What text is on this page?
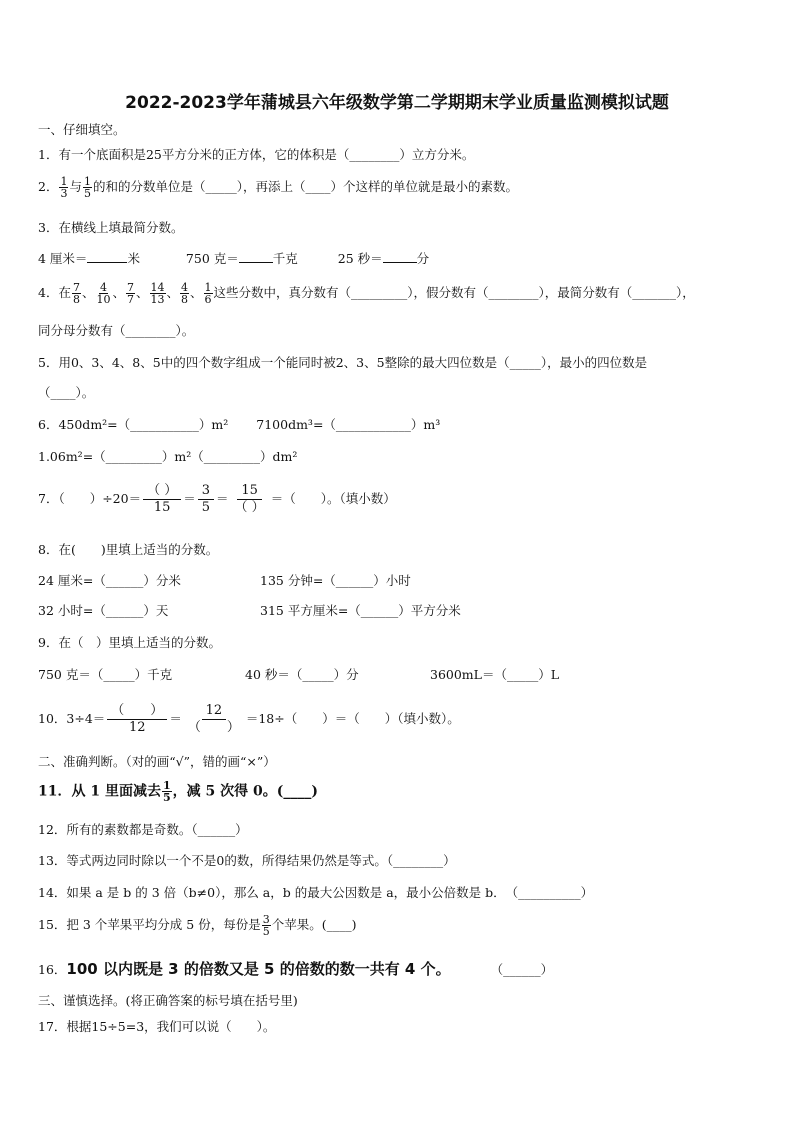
2022-2023学年蒲城县六年级数学第二学期期末学业质量监测模拟试题
一、仔细填空。
1．有一个底面积是25平方分米的正方体，它的体积是（________）立方分米。
2． $\frac{1}{3}$ 与 $\frac{1}{5}$ 的和的分数单位是（_____），再添上（____）个这样的单位就是最小的素数。
3．在横线上填最简分数。
4 厘米＝	米	750 克＝	千克	25 秒＝	分
4．在 $\frac{7}{8}$ 、 $\frac{4}{10}$ 、 $\frac{7}{7}$ 、 $\frac{14}{13}$ 、 $\frac{4}{8}$ 、 $\frac{1}{6}$ 这些分数中，真分数有（_________），假分数有（________），最简分数有（_______），
同分母分数有（________）。
5．用0、3、4、8、5中的四个数字组成一个能同时被2、3、5整除的最大四位数是（_____），最小的四位数是
（____）。
6．450dm²=（___________）m² 7100dm³=（____________）m³
1.06m²=（_________）m²（_________）dm²
7．（　　）÷20＝
（ ）
15
＝ $\frac{3}{5}$ ＝
15
（ ）
＝（　　）。（填小数）
8．在(　　)里填上适当的分数。
24 厘米=（______）分米	135 分钟=（______）小时
32 小时=（______）天	315 平方厘米=（______）平方分米
9．在（　）里填上适当的分数。
750 克＝（_____）千克	40 秒＝（_____）分	3600mL＝（_____）L
10．3÷4＝
（　　）
12
＝
12
（　　）
＝18÷（　　）＝（　　）（填小数）。
二、准确判断。（对的画“√”，错的画“×”）
11．从 1 里面减去 $\frac{1}{5}$ ，减 5 次得 0。(____)
12．所有的素数都是奇数。（______）
13．等式两边同时除以一个不是0的数，所得结果仍然是等式。（________）
14．如果 a 是 b 的 3 倍（b≠0），那么 a，b 的最大公因数是 a，最小公倍数是 b．　（__________）
15．把 3 个苹果平均分成 5 份，每份是 $\frac{3}{5}$ 个苹果。(____)
16．100 以内既是 3 的倍数又是 5 的倍数的数一共有 4 个。	（______）
三、谨慎选择。(将正确答案的标号填在括号里)
17．根据15÷5=3，我们可以说（　　）。
